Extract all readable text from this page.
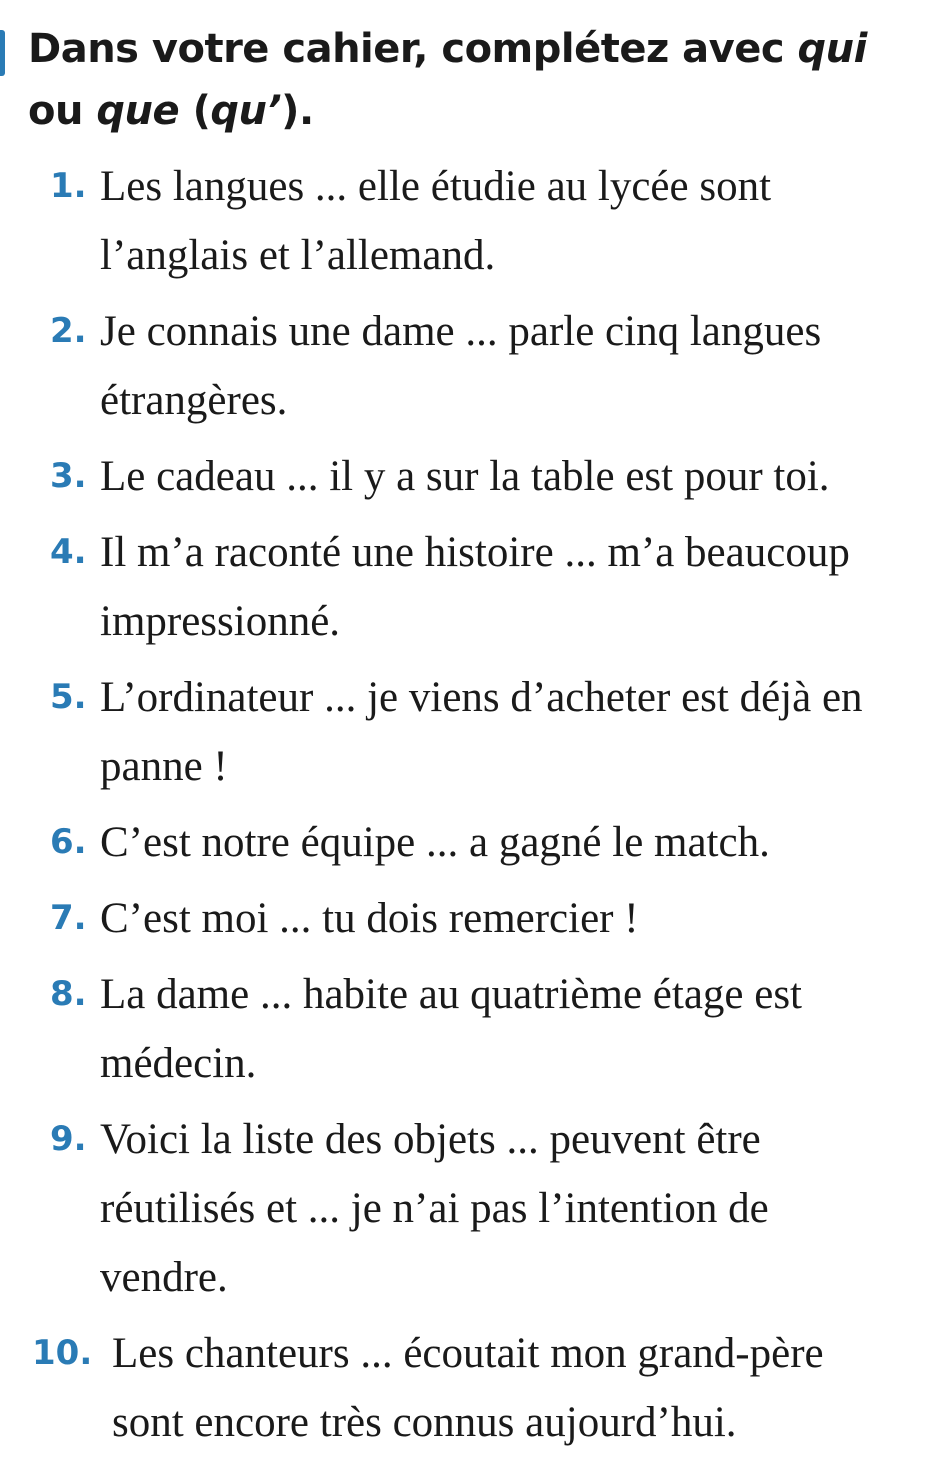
Dans votre cahier, complétez avec qui
ou que (qu’).
1. Les langues ... elle étudie au lycée sont
l’anglais et l’allemand.
2. Je connais une dame ... parle cinq langues
étrangères.
3. Le cadeau ... il y a sur la table est pour toi.
4. Il m’a raconté une histoire ... m’a beaucoup
impressionné.
5. L’ordinateur ... je viens d’acheter est déjà en
panne !
6. C’est notre équipe ... a gagné le match.
7. C’est moi ... tu dois remercier !
8. La dame ... habite au quatrième étage est
médecin.
9. Voici la liste des objets ... peuvent être
réutilisés et ... je n’ai pas l’intention de
vendre.
10. Les chanteurs ... écoutait mon grand-père
sont encore très connus aujourd’hui.
